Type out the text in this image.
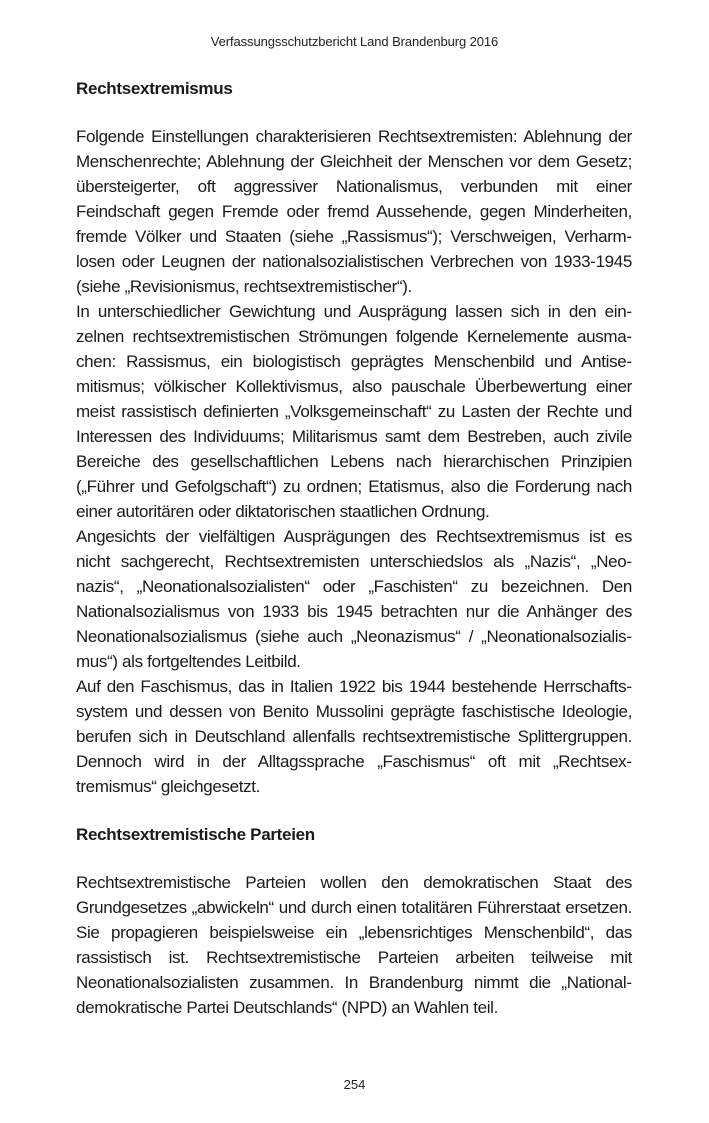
Verfassungsschutzbericht Land Brandenburg 2016
Rechtsextremismus

Folgende Einstellungen charakterisieren Rechtsextremisten: Ablehnung der Menschenrechte; Ablehnung der Gleichheit der Menschen vor dem Gesetz; übersteigerter, oft aggressiver Nationalismus, verbunden mit einer Feindschaft gegen Fremde oder fremd Aussehende, gegen Minderheiten, fremde Völker und Staaten (siehe „Rassismus“); Verschweigen, Verharmlosen oder Leugnen der nationalsozialistischen Verbrechen von 1933-1945 (siehe „Revisionismus, rechtsextremistischer“).

In unterschiedlicher Gewichtung und Ausprägung lassen sich in den einzelnen rechtsextremistischen Strömungen folgende Kernelemente ausmachen: Rassismus, ein biologistisch geprägtes Menschenbild und Antisemitismus; völkischer Kollektivismus, also pauschale Überbewertung einer meist rassistisch definierten „Volksgemeinschaft“ zu Lasten der Rechte und Interessen des Individuums; Militarismus samt dem Bestreben, auch zivile Bereiche des gesellschaftlichen Lebens nach hierarchischen Prinzipien („Führer und Gefolgschaft“) zu ordnen; Etatismus, also die Forderung nach einer autoritären oder diktatorischen staatlichen Ordnung.

Angesichts der vielfältigen Ausprägungen des Rechtsextremismus ist es nicht sachgerecht, Rechtsextremisten unterschiedslos als „Nazis“, „Neonazis“, „Neonationalsozialisten“ oder „Faschisten“ zu bezeichnen. Den Nationalsozialismus von 1933 bis 1945 betrachten nur die Anhänger des Neonationalsozialismus (siehe auch „Neonazismus“ / „Neonationalsozialismus“) als fortgeltendes Leitbild.

Auf den Faschismus, das in Italien 1922 bis 1944 bestehende Herrschaftssystem und dessen von Benito Mussolini geprägte faschistische Ideologie, berufen sich in Deutschland allenfalls rechtsextremistische Splittergruppen. Dennoch wird in der Alltagssprache „Faschismus“ oft mit „Rechtsextremismus“ gleichgesetzt.

Rechtsextremistische Parteien

Rechtsextremistische Parteien wollen den demokratischen Staat des Grundgesetzes „abwickeln“ und durch einen totalitären Führerstaat ersetzen. Sie propagieren beispielsweise ein „lebensrichtiges Menschenbild“, das rassistisch ist. Rechtsextremistische Parteien arbeiten teilweise mit Neonationalsozialisten zusammen. In Brandenburg nimmt die „Nationaldemokratische Partei Deutschlands“ (NPD) an Wahlen teil.

254
